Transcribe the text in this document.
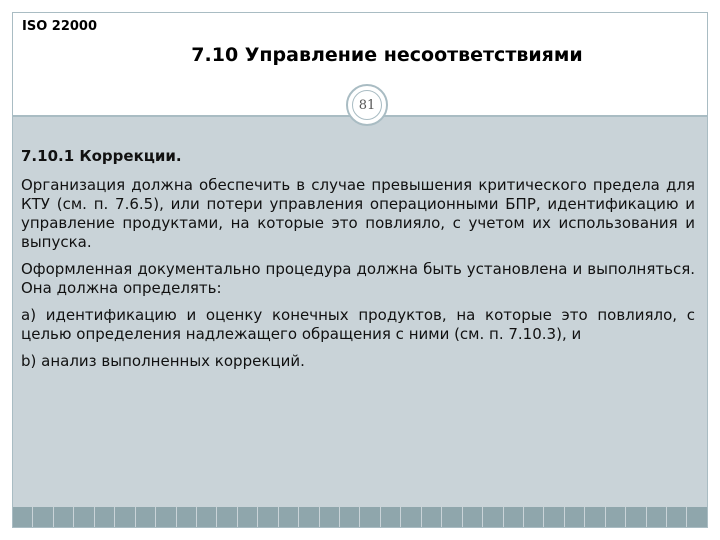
ISO 22000
7.10 Управление несоответствиями
81
7.10.1 Коррекции.

Организация должна обеспечить в случае превышения критического предела для КТУ (см. п. 7.6.5), или потери управления операционными БПР, идентификацию и управление продуктами, на которые это повлияло, с учетом их использования и выпуска.

Оформленная документально процедура должна быть установлена и выполняться. Она должна определять:

a) идентификацию и оценку конечных продуктов, на которые это повлияло, с целью определения надлежащего обращения с ними (см. п. 7.10.3), и

b) анализ выполненных коррекций.
